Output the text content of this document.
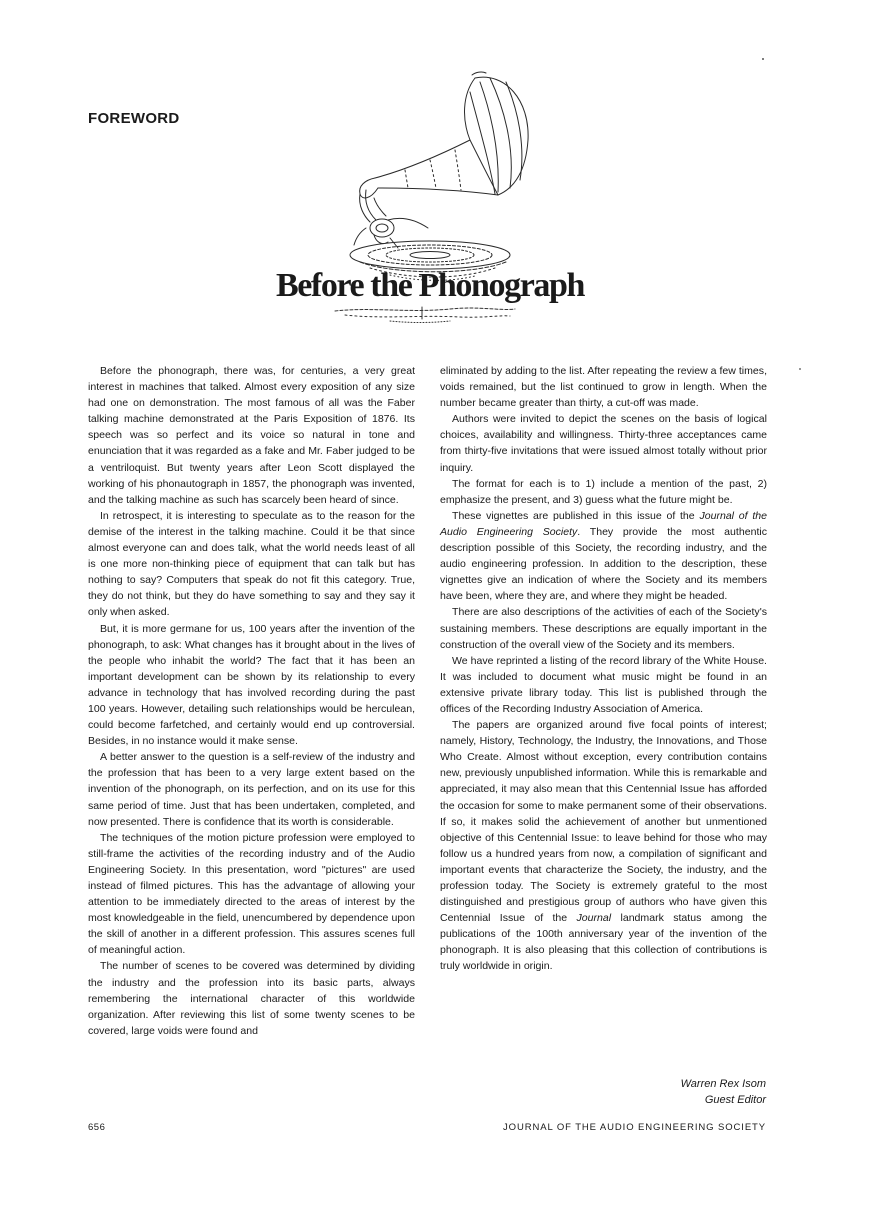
FOREWORD
Before the Phonograph

Before the phonograph, there was, for centuries, a very great interest in machines that talked. Almost every exposition of any size had one on demonstration. The most famous of all was the Faber talking machine demonstrated at the Paris Exposition of 1876. Its speech was so perfect and its voice so natural in tone and enunciation that it was regarded as a fake and Mr. Faber judged to be a ventriloquist. But twenty years after Leon Scott displayed the working of his phonautograph in 1857, the phonograph was invented, and the talking machine as such has scarcely been heard of since.

In retrospect, it is interesting to speculate as to the reason for the demise of the interest in the talking machine. Could it be that since almost everyone can and does talk, what the world needs least of all is one more non-thinking piece of equipment that can talk but has nothing to say? Computers that speak do not fit this category. True, they do not think, but they do have something to say and they say it only when asked.

But, it is more germane for us, 100 years after the invention of the phonograph, to ask: What changes has it brought about in the lives of the people who inhabit the world? The fact that it has been an important development can be shown by its relationship to every advance in technology that has involved recording during the past 100 years. However, detailing such relationships would be herculean, could become farfetched, and certainly would end up controversial. Besides, in no instance would it make sense.

A better answer to the question is a self-review of the industry and the profession that has been to a very large extent based on the invention of the phonograph, on its perfection, and on its use for this same period of time. Just that has been undertaken, completed, and now presented. There is confidence that its worth is considerable.

The techniques of the motion picture profession were employed to still-frame the activities of the recording industry and of the Audio Engineering Society. In this presentation, word "pictures" are used instead of filmed pictures. This has the advantage of allowing your attention to be immediately directed to the areas of interest by the most knowledgeable in the field, unencumbered by dependence upon the skill of another in a different profession. This assures scenes full of meaningful action.

The number of scenes to be covered was determined by dividing the industry and the profession into its basic parts, always remembering the international character of this worldwide organization. After reviewing this list of some twenty scenes to be covered, large voids were found and

eliminated by adding to the list. After repeating the review a few times, voids remained, but the list continued to grow in length. When the number became greater than thirty, a cut-off was made.

Authors were invited to depict the scenes on the basis of logical choices, availability and willingness. Thirty-three acceptances came from thirty-five invitations that were issued almost totally without prior inquiry.

The format for each is to 1) include a mention of the past, 2) emphasize the present, and 3) guess what the future might be.

These vignettes are published in this issue of the Journal of the Audio Engineering Society. They provide the most authentic description possible of this Society, the recording industry, and the audio engineering profession. In addition to the description, these vignettes give an indication of where the Society and its members have been, where they are, and where they might be headed.

There are also descriptions of the activities of each of the Society's sustaining members. These descriptions are equally important in the construction of the overall view of the Society and its members.

We have reprinted a listing of the record library of the White House. It was included to document what music might be found in an extensive private library today. This list is published through the offices of the Recording Industry Association of America.

The papers are organized around five focal points of interest; namely, History, Technology, the Industry, the Innovations, and Those Who Create. Almost without exception, every contribution contains new, previously unpublished information. While this is remarkable and appreciated, it may also mean that this Centennial Issue has afforded the occasion for some to make permanent some of their observations. If so, it makes solid the achievement of another but unmentioned objective of this Centennial Issue: to leave behind for those who may follow us a hundred years from now, a compilation of significant and important events that characterize the Society, the industry, and the profession today. The Society is extremely grateful to the most distinguished and prestigious group of authors who have given this Centennial Issue of the Journal landmark status among the publications of the 100th anniversary year of the invention of the phonograph. It is also pleasing that this collection of contributions is truly worldwide in origin.

Warren Rex Isom
Guest Editor
656	JOURNAL OF THE AUDIO ENGINEERING SOCIETY
